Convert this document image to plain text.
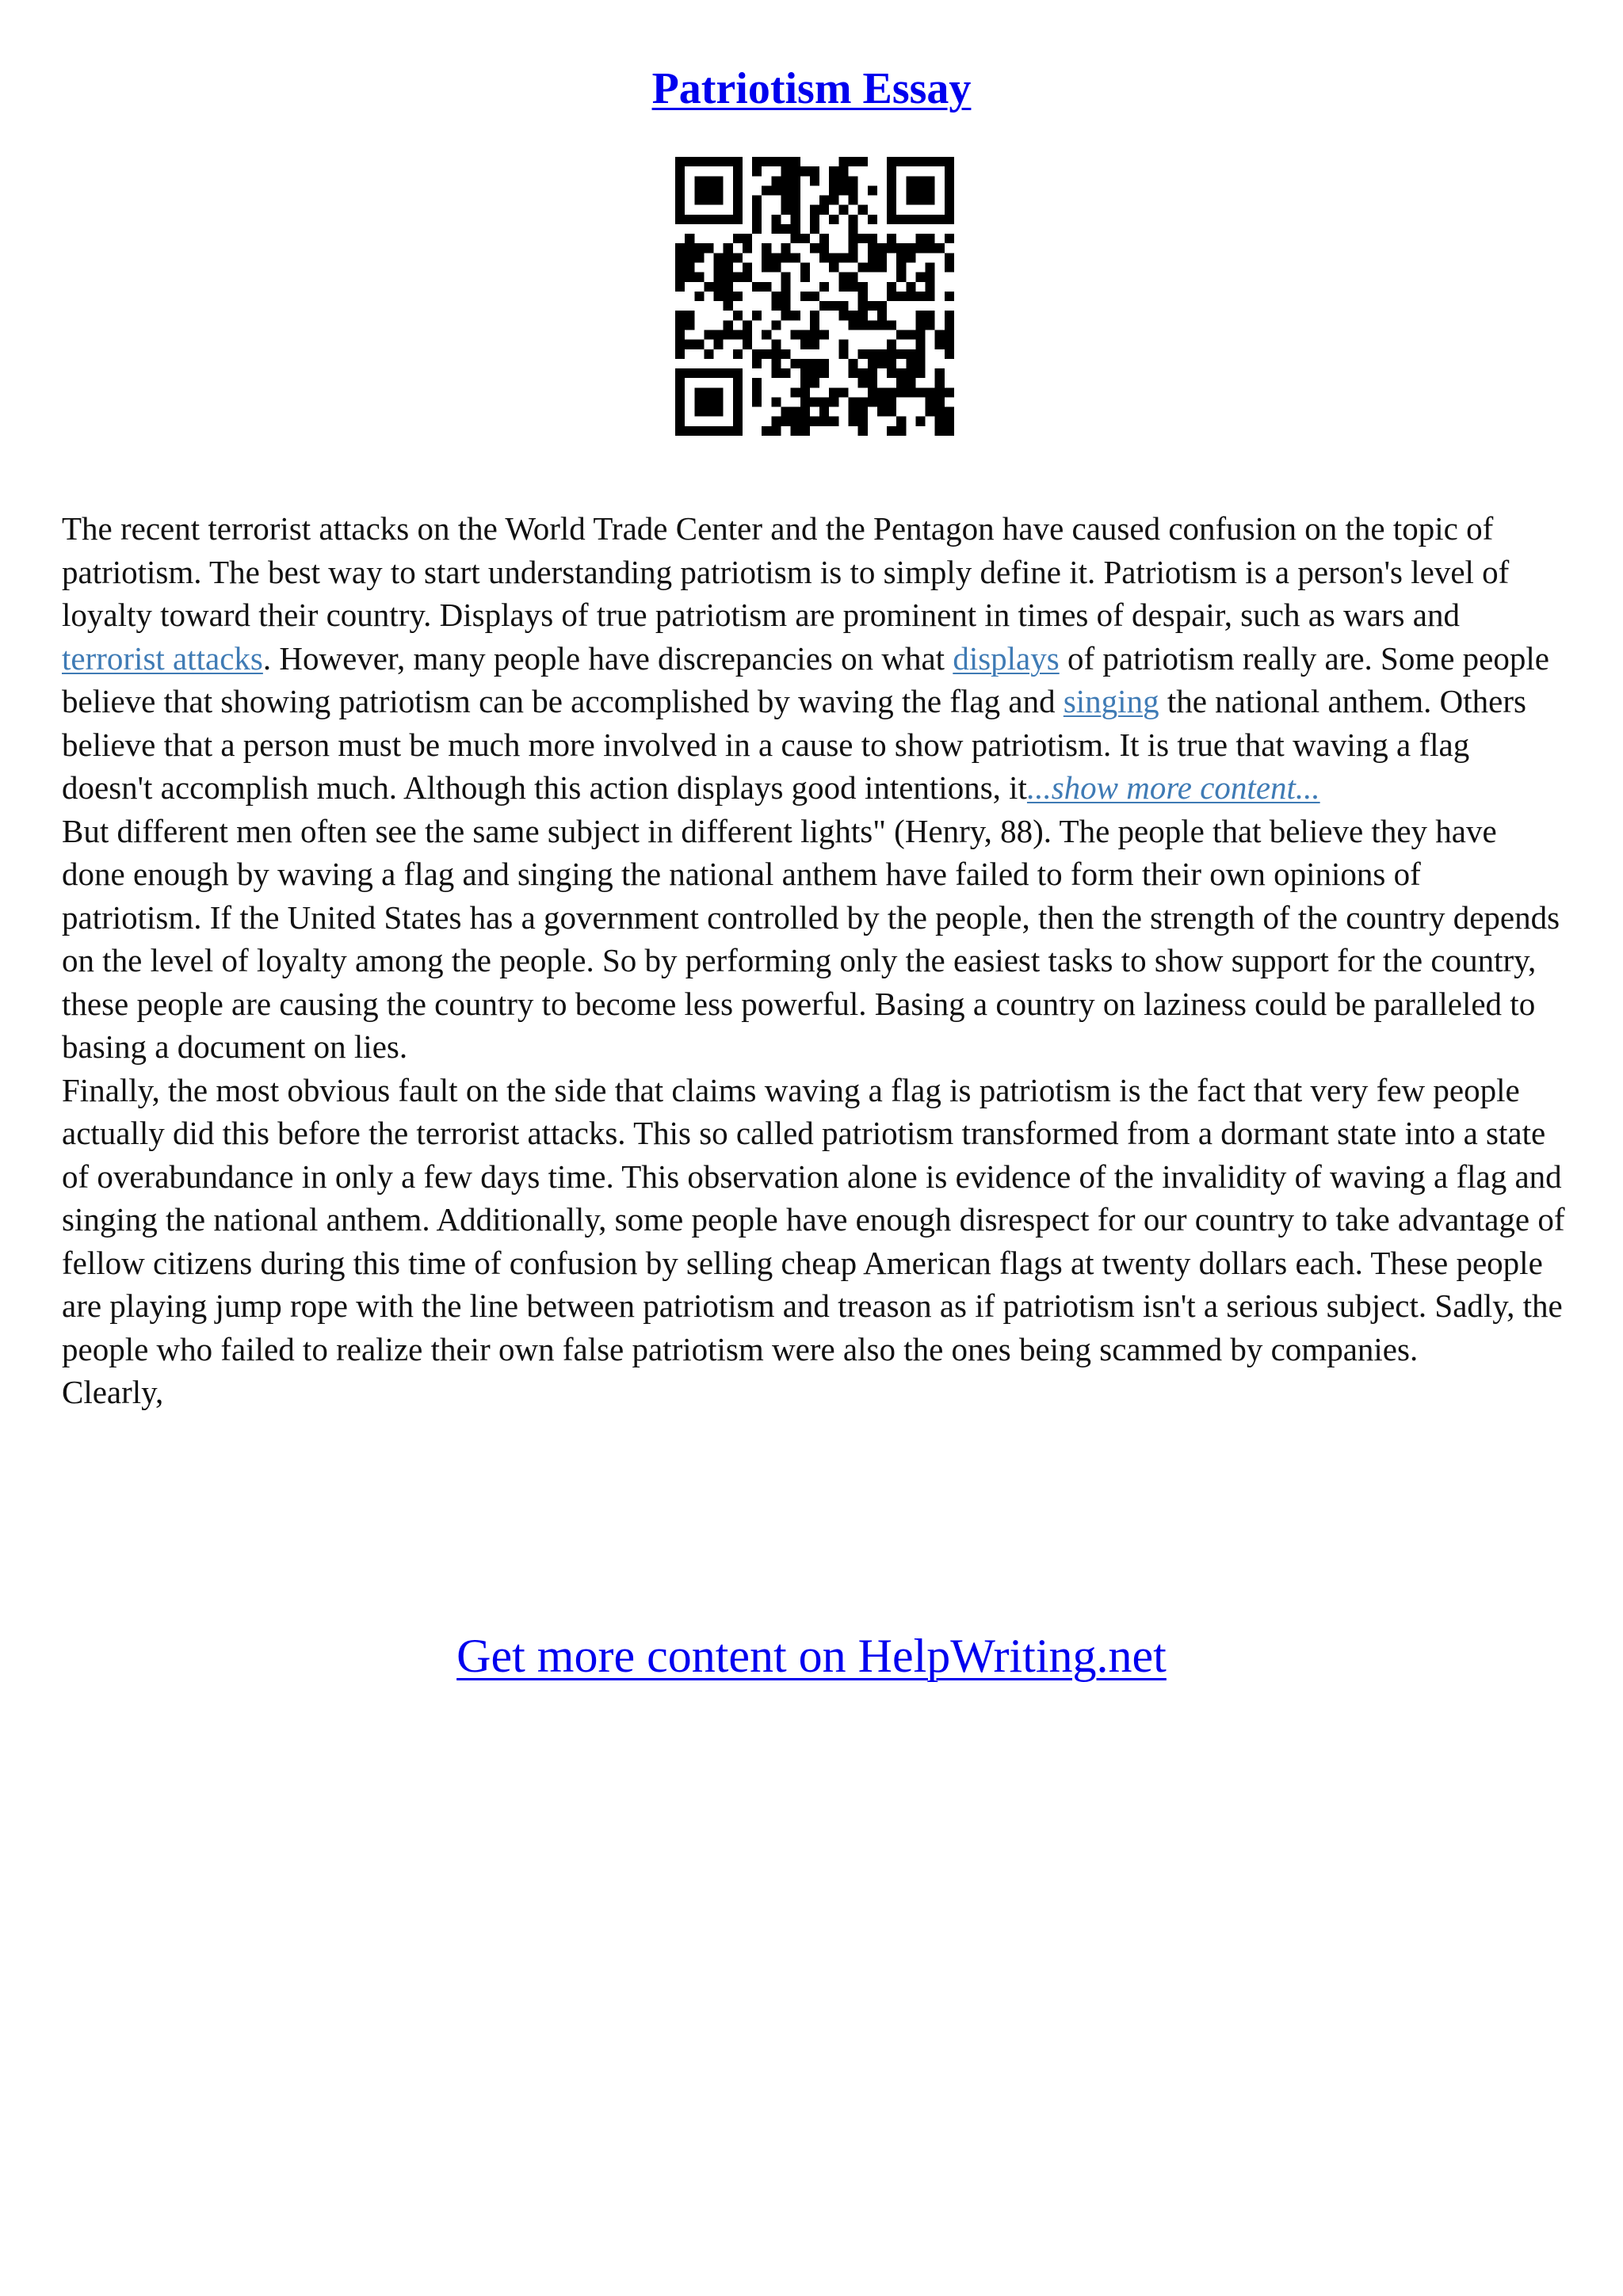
Patriotism Essay

The recent terrorist attacks on the World Trade Center and the Pentagon have caused confusion on the topic of patriotism. The best way to start understanding patriotism is to simply define it. Patriotism is a person's level of loyalty toward their country. Displays of true patriotism are prominent in times of despair, such as wars and terrorist attacks. However, many people have discrepancies on what displays of patriotism really are. Some people believe that showing patriotism can be accomplished by waving the flag and singing the national anthem. Others believe that a person must be much more involved in a cause to show patriotism. It is true that waving a flag doesn't accomplish much. Although this action displays good intentions, it...show more content...
But different men often see the same subject in different lights" (Henry, 88). The people that believe they have done enough by waving a flag and singing the national anthem have failed to form their own opinions of patriotism. If the United States has a government controlled by the people, then the strength of the country depends on the level of loyalty among the people. So by performing only the easiest tasks to show support for the country, these people are causing the country to become less powerful. Basing a country on laziness could be paralleled to basing a document on lies.

Finally, the most obvious fault on the side that claims waving a flag is patriotism is the fact that very few people actually did this before the terrorist attacks. This so called patriotism transformed from a dormant state into a state of overabundance in only a few days time. This observation alone is evidence of the invalidity of waving a flag and singing the national anthem. Additionally, some people have enough disrespect for our country to take advantage of fellow citizens during this time of confusion by selling cheap American flags at twenty dollars each. These people are playing jump rope with the line between patriotism and treason as if patriotism isn't a serious subject. Sadly, the people who failed to realize their own false patriotism were also the ones being scammed by companies.

Clearly,

Get more content on HelpWriting.net
